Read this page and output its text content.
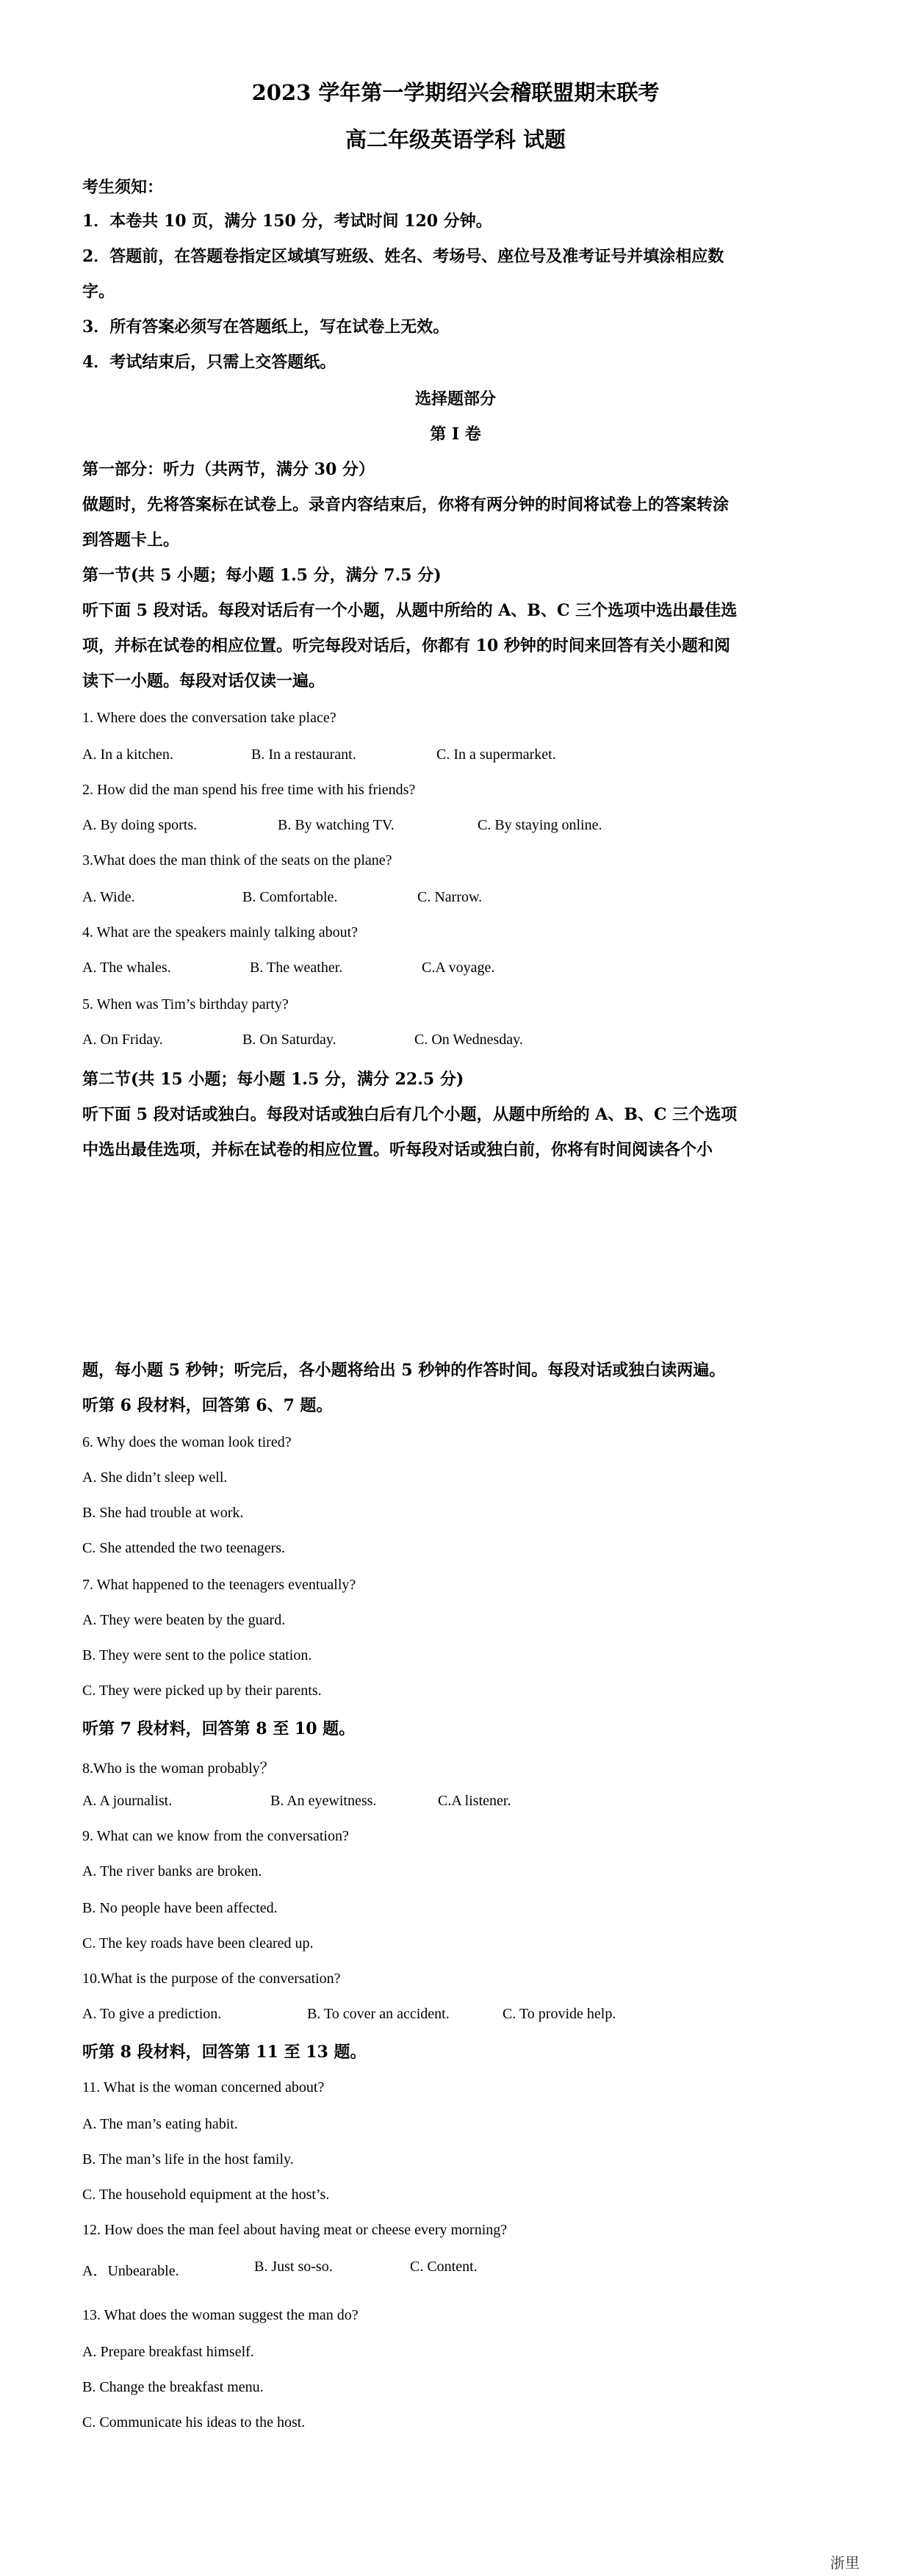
2023 学年第一学期绍兴会稽联盟期末联考
高二年级英语学科 试题
考生须知：
1．本卷共 10 页，满分 150 分，考试时间 120 分钟。
2．答题前，在答题卷指定区域填写班级、姓名、考场号、座位号及准考证号并填涂相应数
字。
3．所有答案必须写在答题纸上，写在试卷上无效。
4．考试结束后，只需上交答题纸。
选择题部分
第 I 卷
第一部分：听力（共两节，满分 30 分）
做题时，先将答案标在试卷上。录音内容结束后，你将有两分钟的时间将试卷上的答案转涂
到答题卡上。
第一节(共 5 小题；每小题 1.5 分，满分 7.5 分)
听下面 5 段对话。每段对话后有一个小题，从题中所给的 A、B、C 三个选项中选出最佳选
项，并标在试卷的相应位置。听完每段对话后，你都有 10 秒钟的时间来回答有关小题和阅
读下一小题。每段对话仅读一遍。
1. Where does the conversation take place?
A. In a kitchen.	B. In a restaurant.	C. In a supermarket.
2. How did the man spend his free time with his friends?
A. By doing sports.	B. By watching TV.	C. By staying online.
3.What does the man think of the seats on the plane?
A. Wide.	B. Comfortable.	C. Narrow.
4. What are the speakers mainly talking about?
A. The whales.	B. The weather.	C.A voyage.
5. When was Tim’s birthday party?
A. On Friday.	B. On Saturday.	C. On Wednesday.
第二节(共 15 小题；每小题 1.5 分，满分 22.5 分)
听下面 5 段对话或独白。每段对话或独白后有几个小题，从题中所给的 A、B、C 三个选项
中选出最佳选项，并标在试卷的相应位置。听每段对话或独白前，你将有时间阅读各个小
题，每小题 5 秒钟；听完后，各小题将给出 5 秒钟的作答时间。每段对话或独白读两遍。
听第 6 段材料，回答第 6、7 题。
6. Why does the woman look tired?
A. She didn’t sleep well.
B. She had trouble at work.
C. She attended the two teenagers.
7. What happened to the teenagers eventually?
A. They were beaten by the guard.
B. They were sent to the police station.
C. They were picked up by their parents.
听第 7 段材料，回答第 8 至 10 题。
8.Who is the woman probably？
A. A journalist.	B. An eyewitness.	C.A listener.
9. What can we know from the conversation?
A. The river banks are broken.
B. No people have been affected.
C. The key roads have been cleared up.
10.What is the purpose of the conversation?
A. To give a prediction.	B. To cover an accident.	C. To provide help.
听第 8 段材料，回答第 11 至 13 题。
11. What is the woman concerned about?
A. The man’s eating habit.
B. The man’s life in the host family.
C. The household equipment at the host’s.
12. How does the man feel about having meat or cheese every morning?
A．Unbearable.	B. Just so-so.	C. Content.
13. What does the woman suggest the man do?
A. Prepare breakfast himself.
B. Change the breakfast menu.
C. Communicate his ideas to the host.
浙里
